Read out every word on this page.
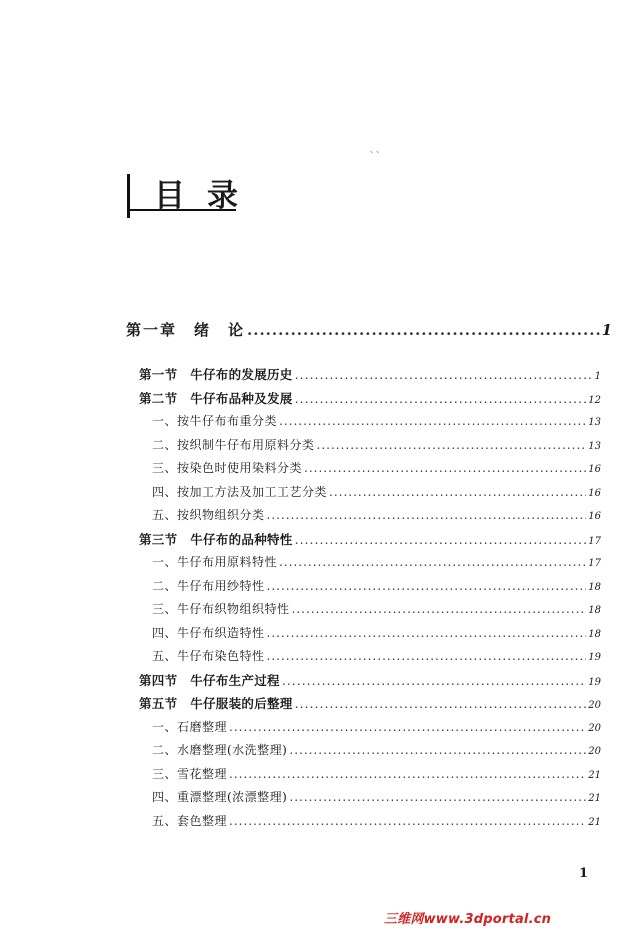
、、
目录
第一章　绪　论 .....	1
第一节　牛仔布的发展历史 .....	1
第二节　牛仔布品种及发展 .....	12
一、按牛仔布布重分类 .....	13
二、按织制牛仔布用原料分类 .....	13
三、按染色时使用染料分类 .....	16
四、按加工方法及加工工艺分类 .....	16
五、按织物组织分类 .....	16
第三节　牛仔布的品种特性 .....	17
一、牛仔布用原料特性 .....	17
二、牛仔布用纱特性 .....	18
三、牛仔布织物组织特性 .....	18
四、牛仔布织造特性 .....	18
五、牛仔布染色特性 .....	19
第四节　牛仔布生产过程 .....	19
第五节　牛仔服装的后整理 .....	20
一、石磨整理 .....	20
二、水磨整理(水洗整理) .....	20
三、雪花整理 .....	21
四、重漂整理(浓漂整理) .....	21
五、套色整理 .....	21
1
三维网www.3dportal.cn
